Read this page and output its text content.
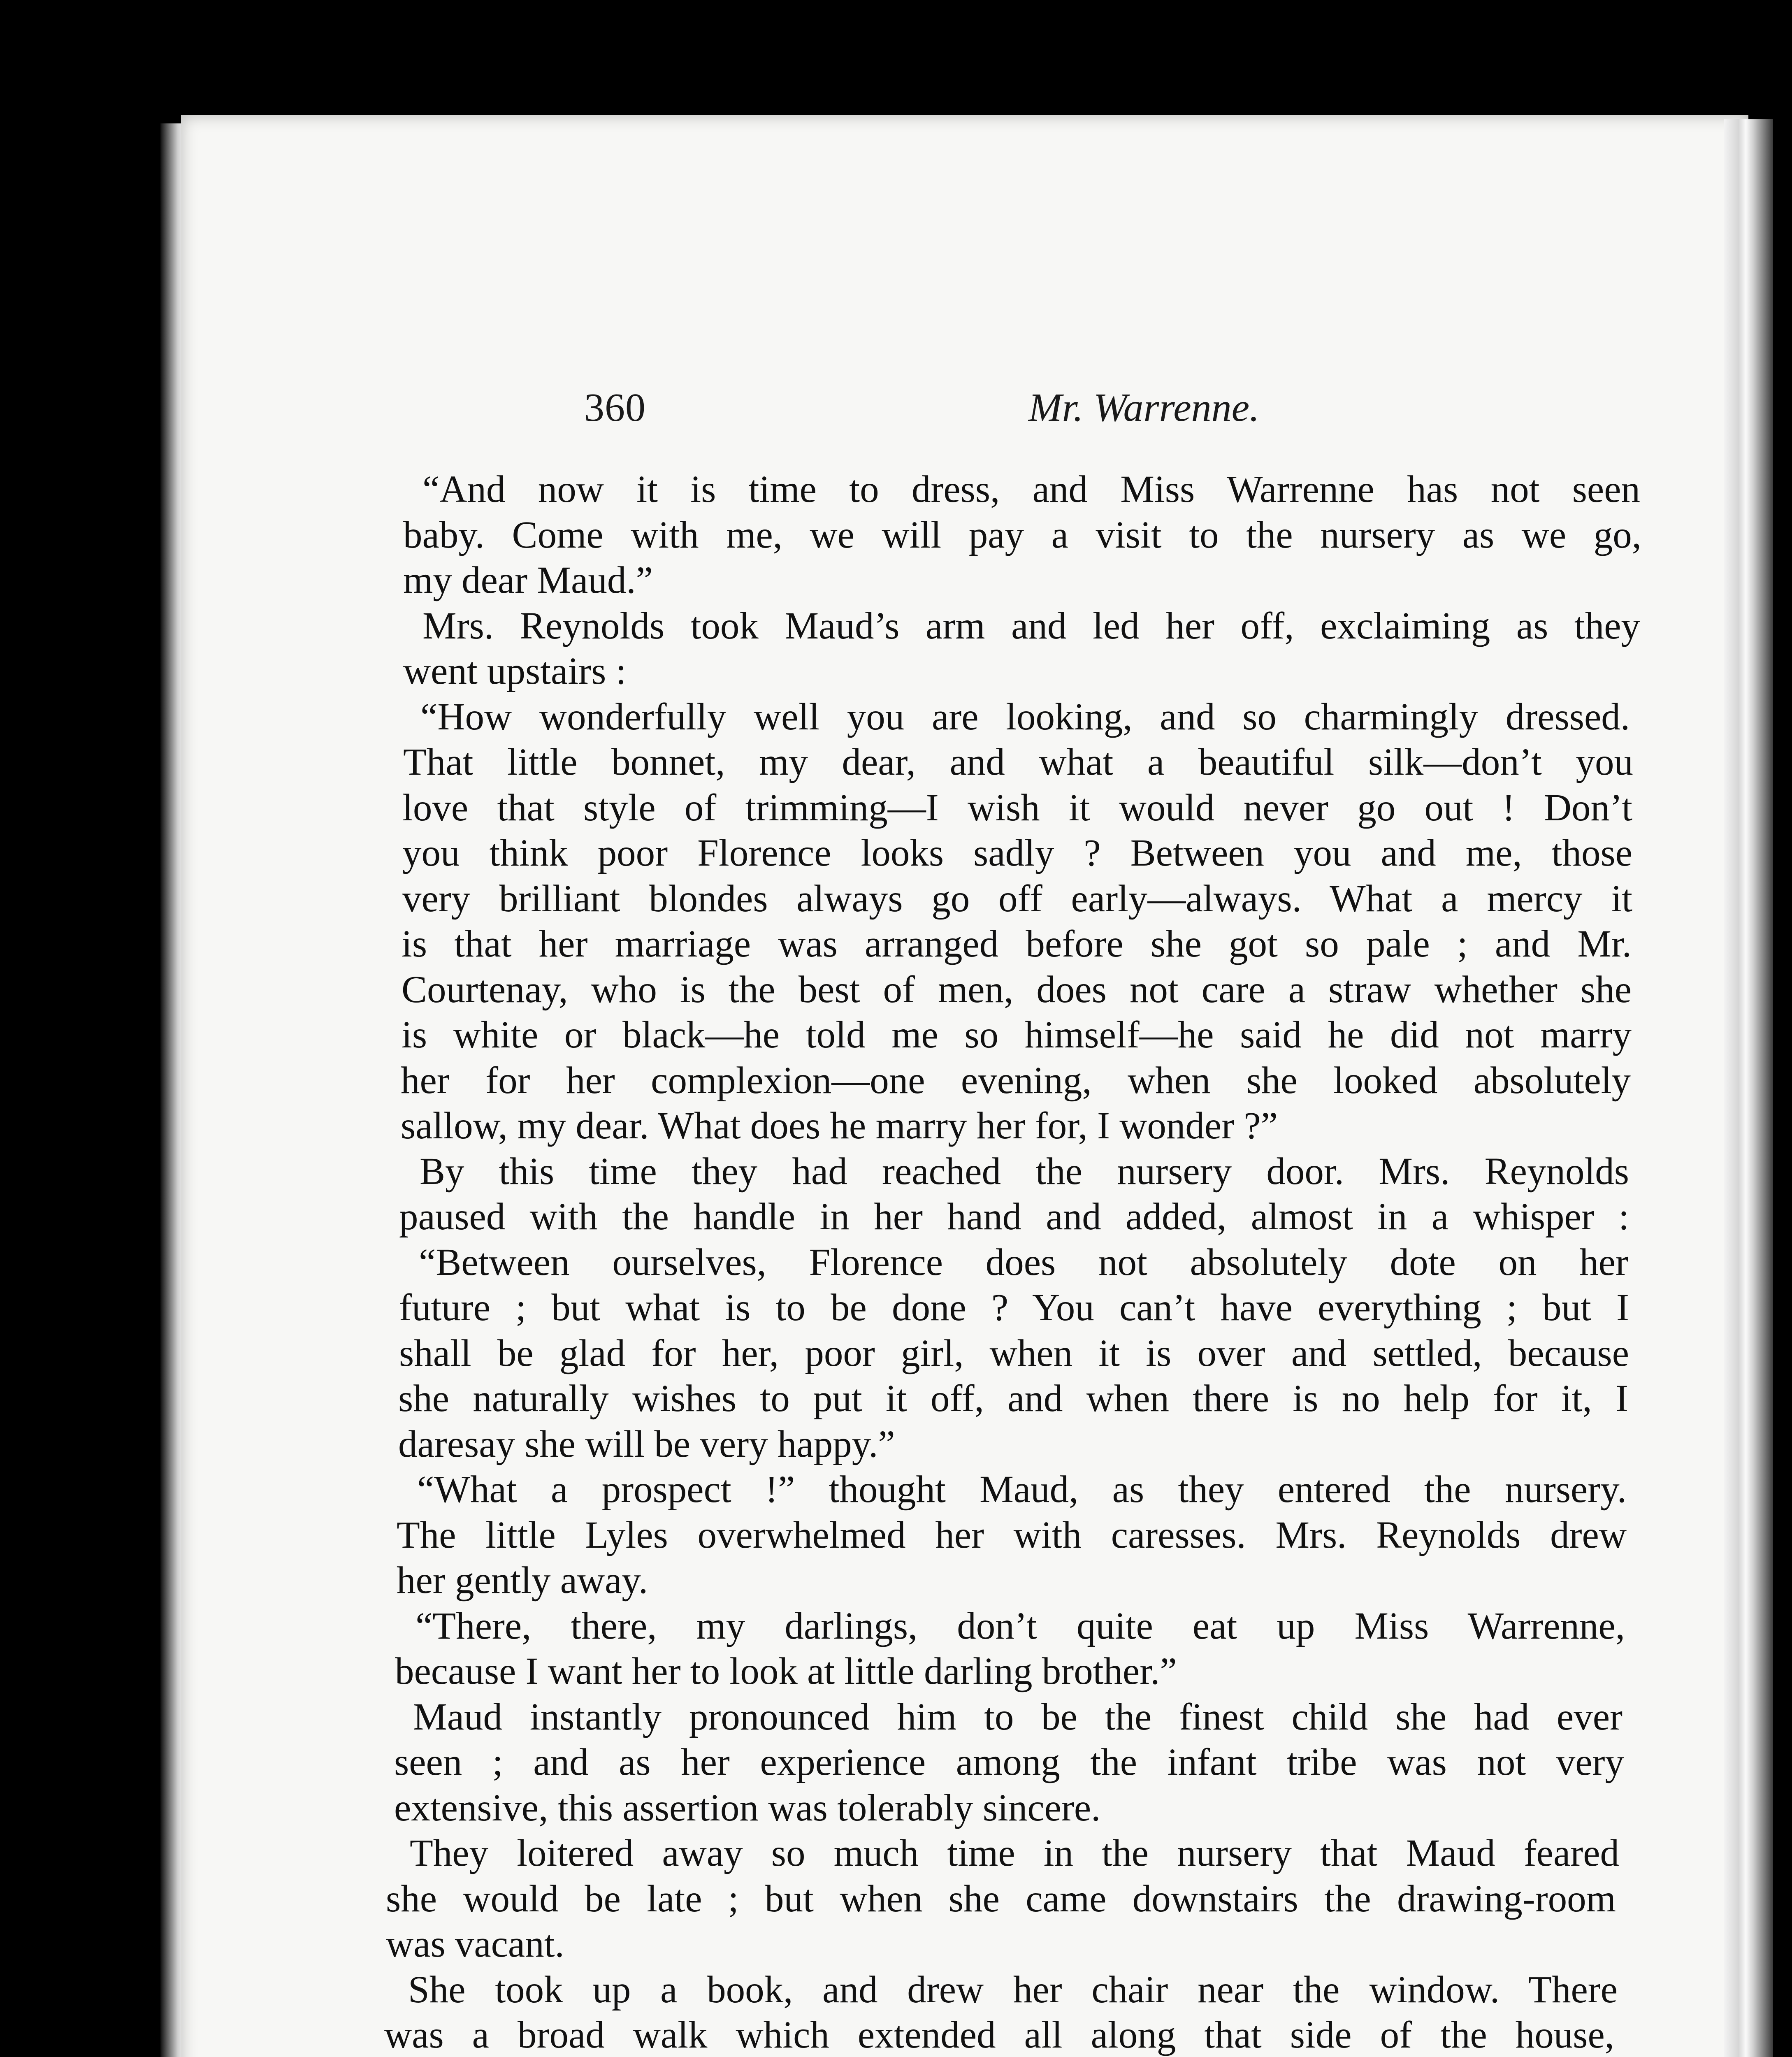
360	Mr. Warrenne.
“And now it is time to dress, and Miss Warrenne has not seen
baby. Come with me, we will pay a visit to the nursery as we go,
my dear Maud.”
Mrs. Reynolds took Maud’s arm and led her off, exclaiming as they
went upstairs :
“How wonderfully well you are looking, and so charmingly dressed.
That little bonnet, my dear, and what a beautiful silk—don’t you
love that style of trimming—I wish it would never go out ! Don’t
you think poor Florence looks sadly ? Between you and me, those
very brilliant blondes always go off early—always. What a mercy it
is that her marriage was arranged before she got so pale ; and Mr.
Courtenay, who is the best of men, does not care a straw whether she
is white or black—he told me so himself—he said he did not marry
her for her complexion—one evening, when she looked absolutely
sallow, my dear. What does he marry her for, I wonder ?”
By this time they had reached the nursery door. Mrs. Reynolds
paused with the handle in her hand and added, almost in a whisper :
“Between ourselves, Florence does not absolutely dote on her
future ; but what is to be done ? You can’t have everything ; but I
shall be glad for her, poor girl, when it is over and settled, because
she naturally wishes to put it off, and when there is no help for it, I
daresay she will be very happy.”
“What a prospect !” thought Maud, as they entered the nursery.
The little Lyles overwhelmed her with caresses. Mrs. Reynolds drew
her gently away.
“There, there, my darlings, don’t quite eat up Miss Warrenne,
because I want her to look at little darling brother.”
Maud instantly pronounced him to be the finest child she had ever
seen ; and as her experience among the infant tribe was not very
extensive, this assertion was tolerably sincere.
They loitered away so much time in the nursery that Maud feared
she would be late ; but when she came downstairs the drawing-room
was vacant.
She took up a book, and drew her chair near the window. There
was a broad walk which extended all along that side of the house,
